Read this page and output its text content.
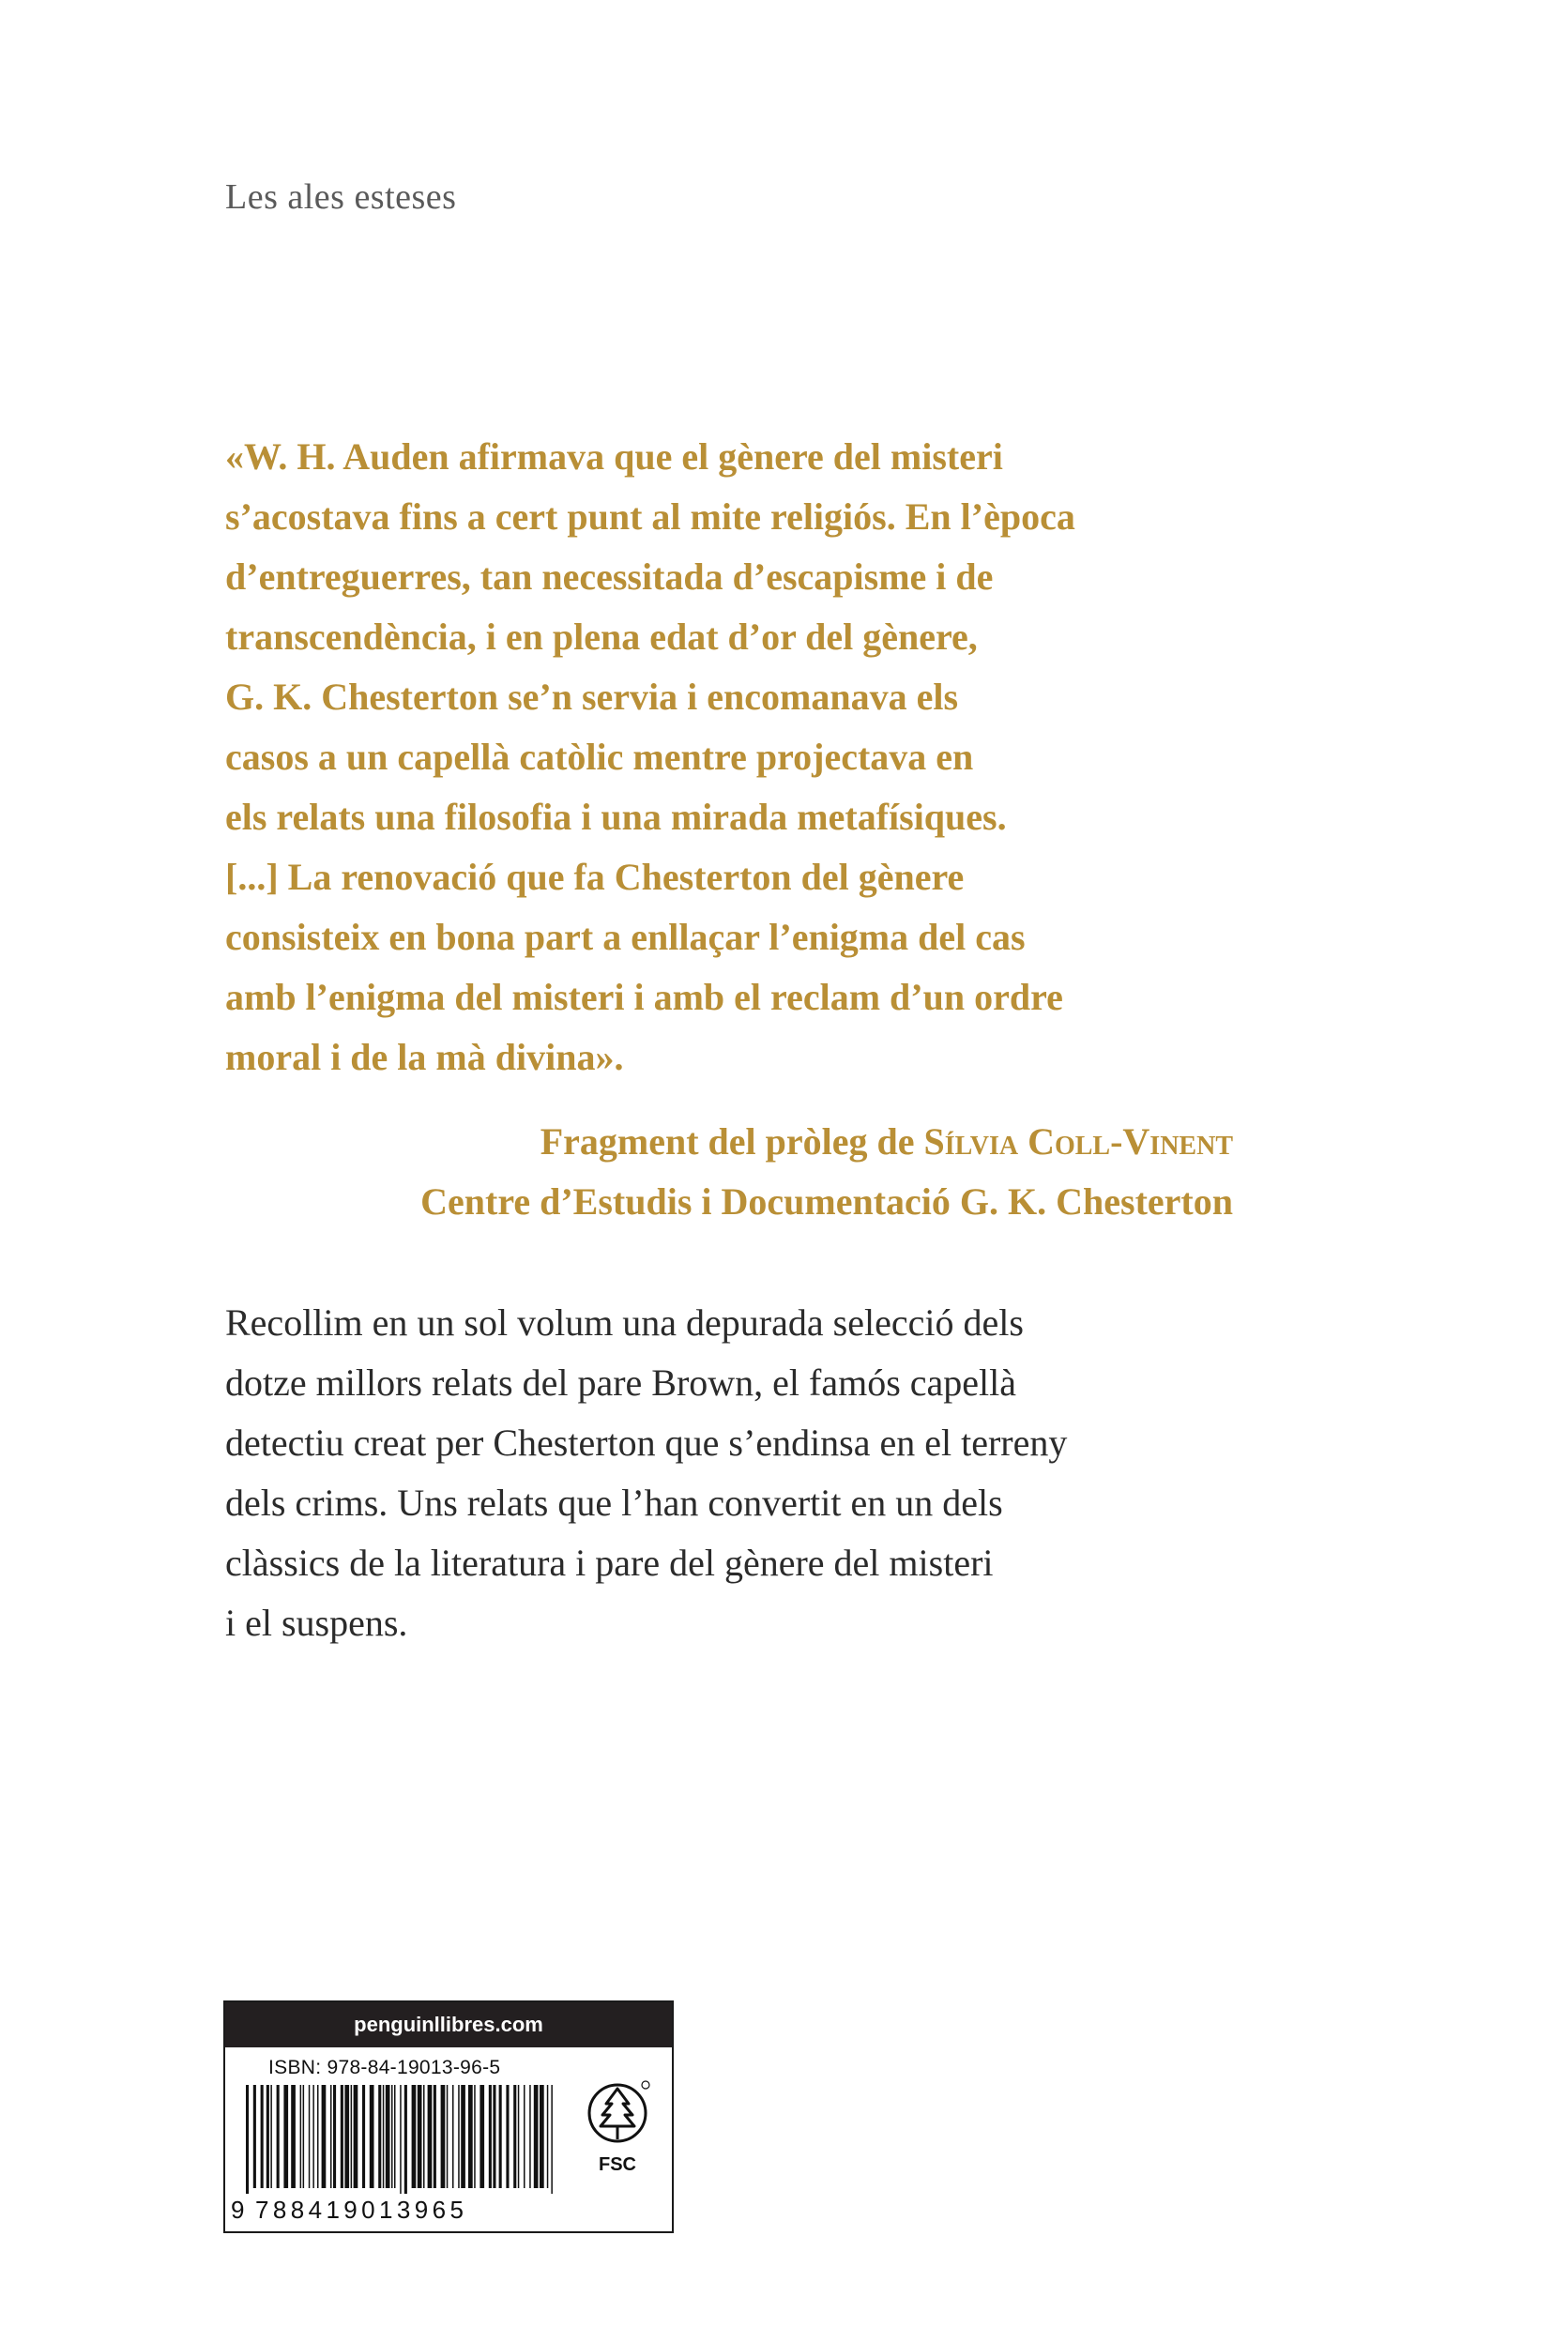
Les ales esteses
«W. H. Auden afirmava que el gènere del misteri
s’acostava fins a cert punt al mite religiós. En l’època
d’entreguerres, tan necessitada d’escapisme i de
transcendència, i en plena edat d’or del gènere,
G. K. Chesterton se’n servia i encomanava els
casos a un capellà catòlic mentre projectava en
els relats una filosofia i una mirada metafísiques.
[...] La renovació que fa Chesterton del gènere
consisteix en bona part a enllaçar l’enigma del cas
amb l’enigma del misteri i amb el reclam d’un ordre
moral i de la mà divina».
Fragment del pròleg de Sílvia Coll-Vinent
Centre d’Estudis i Documentació G. K. Chesterton
Recollim en un sol volum una depurada selecció dels
dotze millors relats del pare Brown, el famós capellà
detectiu creat per Chesterton que s’endinsa en el terreny
dels crims. Uns relats que l’han convertit en un dels
clàssics de la literatura i pare del gènere del misteri
i el suspens.
penguinllibres.com
ISBN: 978-84-19013-96-5
9 788419013965
FSC
